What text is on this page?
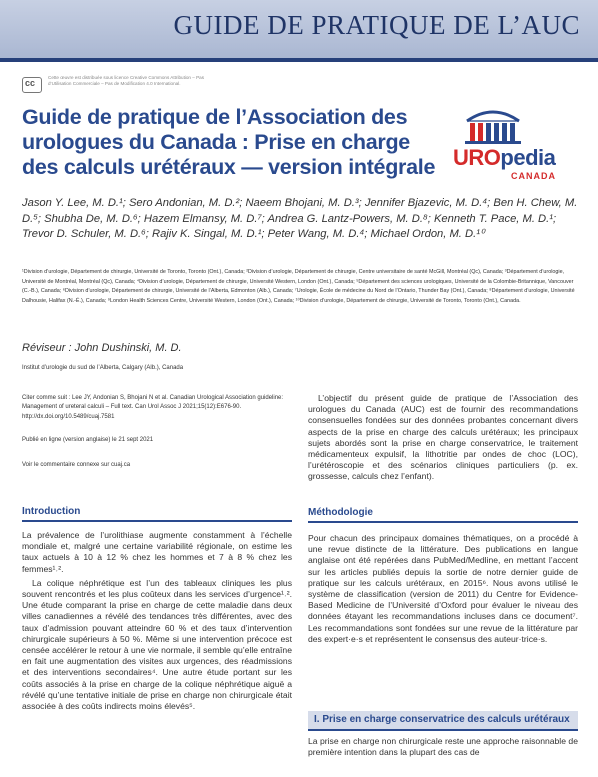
GUIDE DE PRATIQUE DE L’AUC
cc
Cette œuvre est distribuée sous licence Creative Commons Attribution – Pas d’Utilisation Commerciale – Pas de Modification 4.0 International.
Guide de pratique de l’Association des urologues du Canada : Prise en charge des calculs urétéraux — version intégrale UROpedia
CANADA
Jason Y. Lee, M. D.¹; Sero Andonian, M. D.²; Naeem Bhojani, M. D.³; Jennifer Bjazevic, M. D.⁴; Ben H. Chew, M. D.⁵; Shubha De, M. D.⁶; Hazem Elmansy, M. D.⁷; Andrea G. Lantz-Powers, M. D.⁸; Kenneth T. Pace, M. D.¹; Trevor D. Schuler, M. D.⁶; Rajiv K. Singal, M. D.¹; Peter Wang, M. D.⁴; Michael Ordon, M. D.¹⁰
¹Division d’urologie, Département de chirurgie, Université de Toronto, Toronto (Ont.), Canada; ²Division d’urologie, Département de chirurgie, Centre universitaire de santé McGill, Montréal (Qc), Canada; ³Département d’urologie, Université de Montréal, Montréal (Qc), Canada; ⁴Division d’urologie, Département de chirurgie, Université Western, London (Ont.), Canada; ⁵Département des sciences urologiques, Université de la Colombie-Britannique, Vancouver (C.-B.), Canada; ⁶Division d’urologie, Département de chirurgie, Université de l’Alberta, Edmonton (Alb.), Canada; ⁷Urologie, École de médecine du Nord de l’Ontario, Thunder Bay (Ont.), Canada; ⁸Département d’urologie, Université Dalhousie, Halifax (N.-É.), Canada; ⁹London Health Sciences Centre, Université Western, London (Ont.), Canada; ¹⁰Division d’urologie, Département de chirurgie, Université de Toronto, Toronto (Ont.), Canada.
Réviseur : John Dushinski, M. D.
Institut d’urologie du sud de l’Alberta, Calgary (Alb.), Canada
Citer comme suit : Lee JY, Andonian S, Bhojani N et al. Canadian Urological Association guideline: Management of ureteral calculi – Full text. Can Urol Assoc J 2021;15(12):E676-90. http://dx.doi.org/10.5489/cuaj.7581
Publié en ligne (version anglaise) le 21 sept 2021
Voir le commentaire connexe sur cuaj.ca
Introduction

La prévalence de l’urolithiase augmente constamment à l’échelle mondiale et, malgré une certaine variabilité régionale, on estime les taux actuels à 10 à 12 % chez les hommes et 7 à 8 % chez les femmes¹˒².

La colique néphrétique est l’un des tableaux cliniques les plus souvent rencontrés et les plus coûteux dans les services d’urgence¹˒². Une étude comparant la prise en charge de cette maladie dans deux villes canadiennes a révélé des tendances très différentes, avec des taux d’admission pouvant atteindre 60 % et des taux d’intervention chirurgicale supérieurs à 50 %. Même si une intervention précoce est censée accélérer le retour à une vie normale, il semble qu’elle entraîne en fait une augmentation des visites aux urgences, des réadmissions et des interventions secondaires⁴. Une autre étude portant sur les coûts associés à la prise en charge de la colique néphrétique aiguë a révélé qu’une tentative initiale de prise en charge non chirurgicale était associée à des coûts indirects moins élevés⁵.

L’objectif du présent guide de pratique de l’Association des urologues du Canada (AUC) est de fournir des recommandations consensuelles fondées sur des données probantes concernant divers aspects de la prise en charge des calculs urétéraux; les principaux sujets abordés sont la prise en charge conservatrice, le traitement médicamenteux expulsif, la lithotritie par ondes de choc (LOC), l’urétéroscopie et des scénarios cliniques particuliers (p. ex. grossesse, calculs chez l’enfant).
Méthodologie
Pour chacun des principaux domaines thématiques, on a procédé à une revue distincte de la littérature. Des publications en langue anglaise ont été repérées dans PubMed/Medline, en mettant l’accent sur les articles publiés depuis la sortie de notre dernier guide de pratique sur les calculs urétéraux, en 2015⁶. Nous avons utilisé le système de classification (version de 2011) du Centre for Evidence-Based Medicine de l’Université d’Oxford pour évaluer le niveau des données étayant les recommandations incluses dans ce document⁷. Les recommandations sont fondées sur une revue de la littérature par des expert·e·s et représentent le consensus des auteur·trice·s.
I. Prise en charge conservatrice des calculs urétéraux
La prise en charge non chirurgicale reste une approche raisonnable de première intention dans la plupart des cas de
